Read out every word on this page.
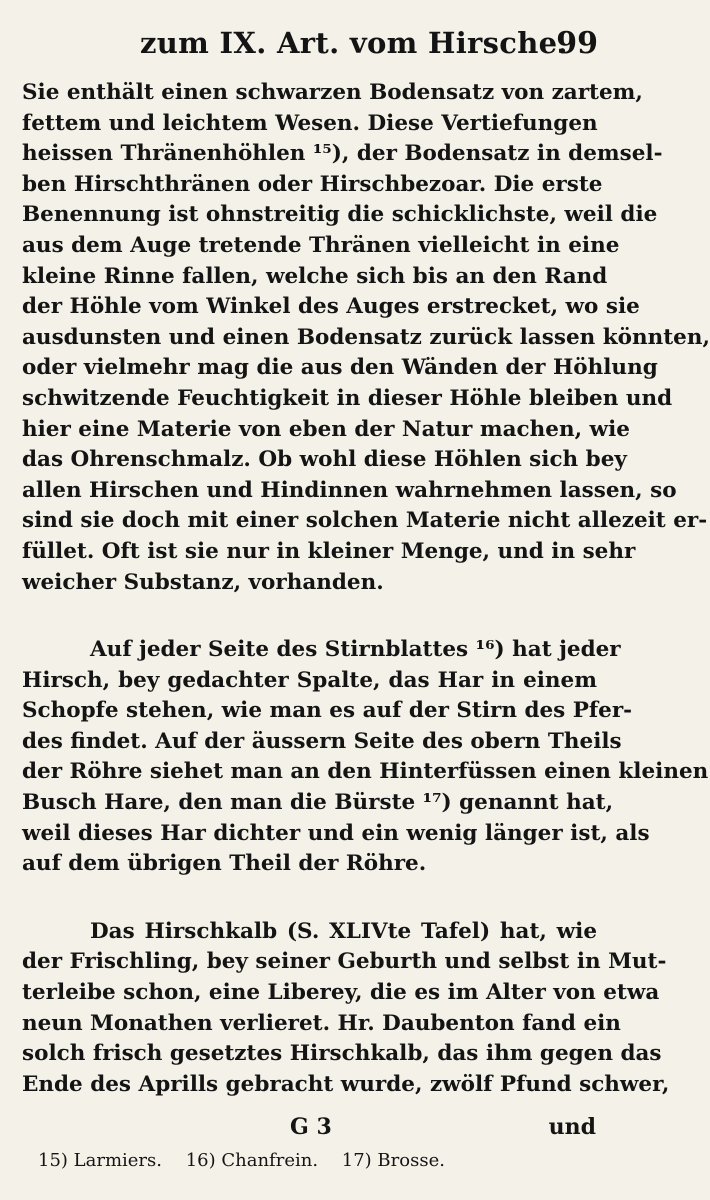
zum IX. Art. vom Hirsche.
99
Sie enthält einen schwarzen Bodensatz von zartem,
fettem und leichtem Wesen. Diese Vertiefungen
heissen Thränenhöhlen ¹⁵), der Bodensatz in demsel-
ben Hirschthränen oder Hirschbezoar. Die erste
Benennung ist ohnstreitig die schicklichste, weil die
aus dem Auge tretende Thränen vielleicht in eine
kleine Rinne fallen, welche sich bis an den Rand
der Höhle vom Winkel des Auges erstrecket, wo sie
ausdunsten und einen Bodensatz zurück lassen könnten,
oder vielmehr mag die aus den Wänden der Höhlung
schwitzende Feuchtigkeit in dieser Höhle bleiben und
hier eine Materie von eben der Natur machen, wie
das Ohrenschmalz. Ob wohl diese Höhlen sich bey
allen Hirschen und Hindinnen wahrnehmen lassen, so
sind sie doch mit einer solchen Materie nicht allezeit er-
füllet. Oft ist sie nur in kleiner Menge, und in sehr
weicher Substanz, vorhanden.
Auf jeder Seite des Stirnblattes ¹⁶) hat jeder
Hirsch, bey gedachter Spalte, das Har in einem
Schopfe stehen, wie man es auf der Stirn des Pfer-
des findet. Auf der äussern Seite des obern Theils
der Röhre siehet man an den Hinterfüssen einen kleinen
Busch Hare, den man die Bürste ¹⁷) genannt hat,
weil dieses Har dichter und ein wenig länger ist, als
auf dem übrigen Theil der Röhre.
Das Hirschkalb (S. XLIVte Tafel) hat, wie
der Frischling, bey seiner Geburth und selbst in Mut-
terleibe schon, eine Liberey, die es im Alter von etwa
neun Monathen verlieret. Hr. Daubenton fand ein
solch frisch gesetztes Hirschkalb, das ihm gegen das
Ende des Aprills gebracht wurde, zwölf Pfund schwer,
G 3	und
15) Larmiers. 16) Chanfrein. 17) Brosse.
